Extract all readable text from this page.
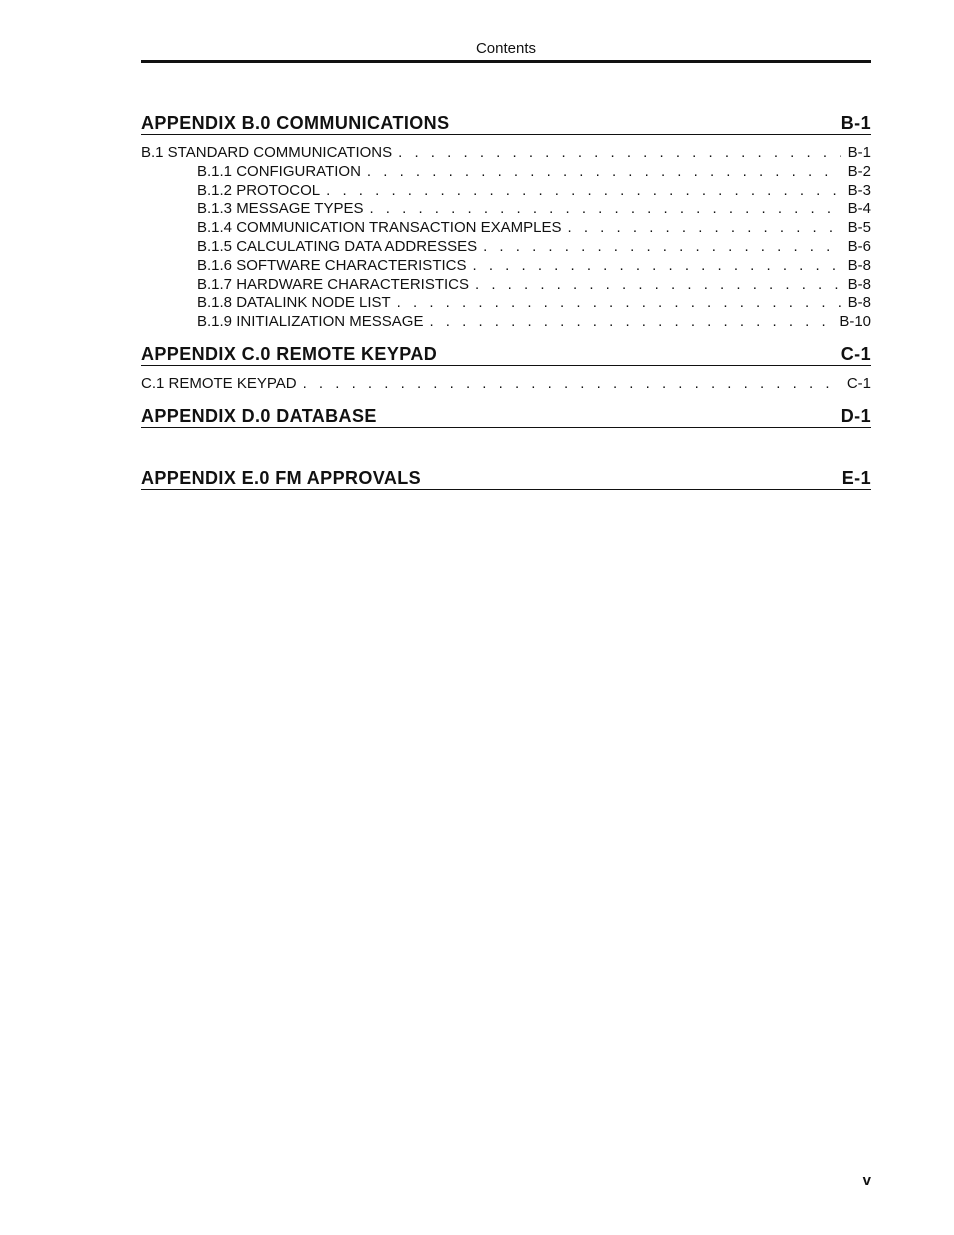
Contents
APPENDIX B.0 COMMUNICATIONS	B-1
B.1 STANDARD COMMUNICATIONS . . .	B-1
B.1.1 CONFIGURATION . . .	B-2
B.1.2 PROTOCOL . . .	B-3
B.1.3 MESSAGE TYPES . . .	B-4
B.1.4 COMMUNICATION TRANSACTION EXAMPLES . . .	B-5
B.1.5 CALCULATING DATA ADDRESSES . . .	B-6
B.1.6 SOFTWARE CHARACTERISTICS . . .	B-8
B.1.7 HARDWARE CHARACTERISTICS . . .	B-8
B.1.8 DATALINK NODE LIST . . .	B-8
B.1.9 INITIALIZATION MESSAGE . . .	B-10
APPENDIX C.0 REMOTE KEYPAD	C-1
C.1 REMOTE KEYPAD . . .	C-1
APPENDIX D.0 DATABASE	D-1
APPENDIX E.0 FM APPROVALS	E-1
v
